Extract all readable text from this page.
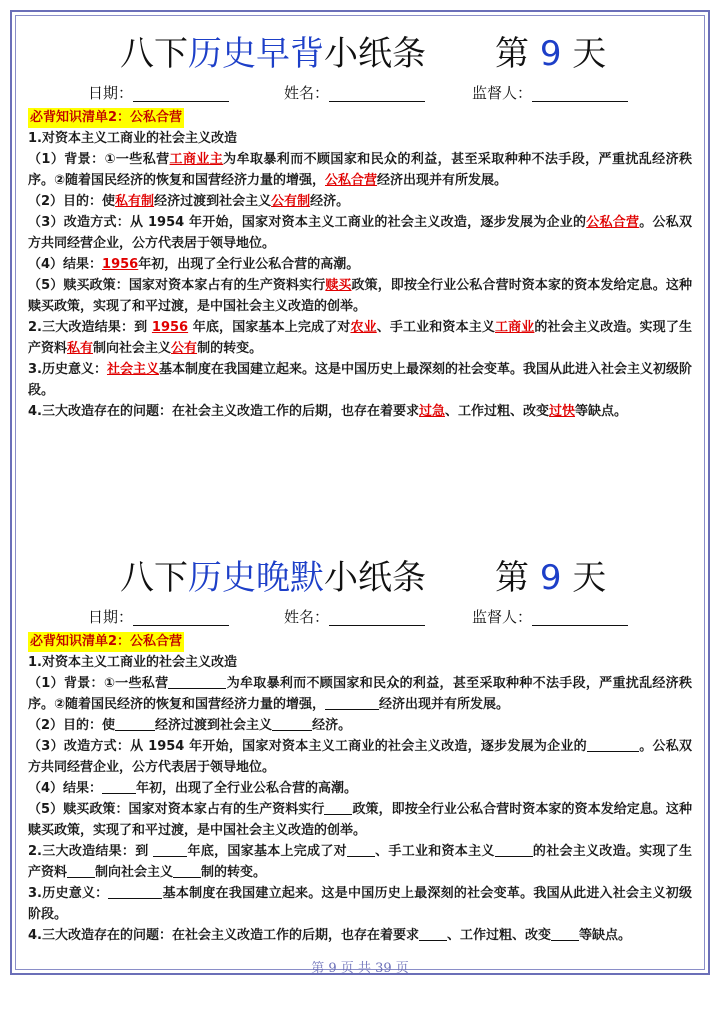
八下历史早背小纸条 第 9 天
日期：	姓名：	监督人：
必背知识清单2：公私合营

1.对资本主义工商业的社会主义改造

（1）背景：①一些私营工商业主为牟取暴利而不顾国家和民众的利益，甚至采取种种不法手段，严重扰乱经济秩序。②随着国民经济的恢复和国营经济力量的增强，公私合营经济出现并有所发展。

（2）目的：使私有制经济过渡到社会主义公有制经济。

（3）改造方式：从 1954 年开始，国家对资本主义工商业的社会主义改造，逐步发展为企业的公私合营。公私双方共同经营企业，公方代表居于领导地位。

（4）结果：1956年初，出现了全行业公私合营的高潮。

（5）赎买政策：国家对资本家占有的生产资料实行赎买政策，即按全行业公私合营时资本家的资本发给定息。这种赎买政策，实现了和平过渡，是中国社会主义改造的创举。

2.三大改造结果：到 1956 年底，国家基本上完成了对农业、手工业和资本主义工商业的社会主义改造。实现了生产资料私有制向社会主义公有制的转变。

3.历史意义：社会主义基本制度在我国建立起来。这是中国历史上最深刻的社会变革。我国从此进入社会主义初级阶段。

4.三大改造存在的问题：在社会主义改造工作的后期，也存在着要求过急、工作过粗、改变过快等缺点。

八下历史晚默小纸条 第 9 天
日期：	姓名：	监督人：
必背知识清单2：公私合营

1.对资本主义工商业的社会主义改造

（1）背景：①一些私营	为牟取暴利而不顾国家和民众的利益，甚至采取种种不法手段，严重扰乱经济秩序。②随着国民经济的恢复和国营经济力量的增强，	经济出现并有所发展。

（2）目的：使	经济过渡到社会主义	经济。

（3）改造方式：从 1954 年开始，国家对资本主义工商业的社会主义改造，逐步发展为企业的	。公私双方共同经营企业，公方代表居于领导地位。

（4）结果：	年初，出现了全行业公私合营的高潮。

（5）赎买政策：国家对资本家占有的生产资料实行 政策，即按全行业公私合营时资本家的资本发给定息。这种赎买政策，实现了和平过渡，是中国社会主义改造的创举。

2.三大改造结果：到	年底，国家基本上完成了对 、手工业和资本主义	的社会主义改造。实现了生产资料 制向社会主义 制的转变。

3.历史意义：	基本制度在我国建立起来。这是中国历史上最深刻的社会变革。我国从此进入社会主义初级阶段。

4.三大改造存在的问题：在社会主义改造工作的后期，也存在着要求 、工作过粗、改变 等缺点。

第 9 页 共 39 页
